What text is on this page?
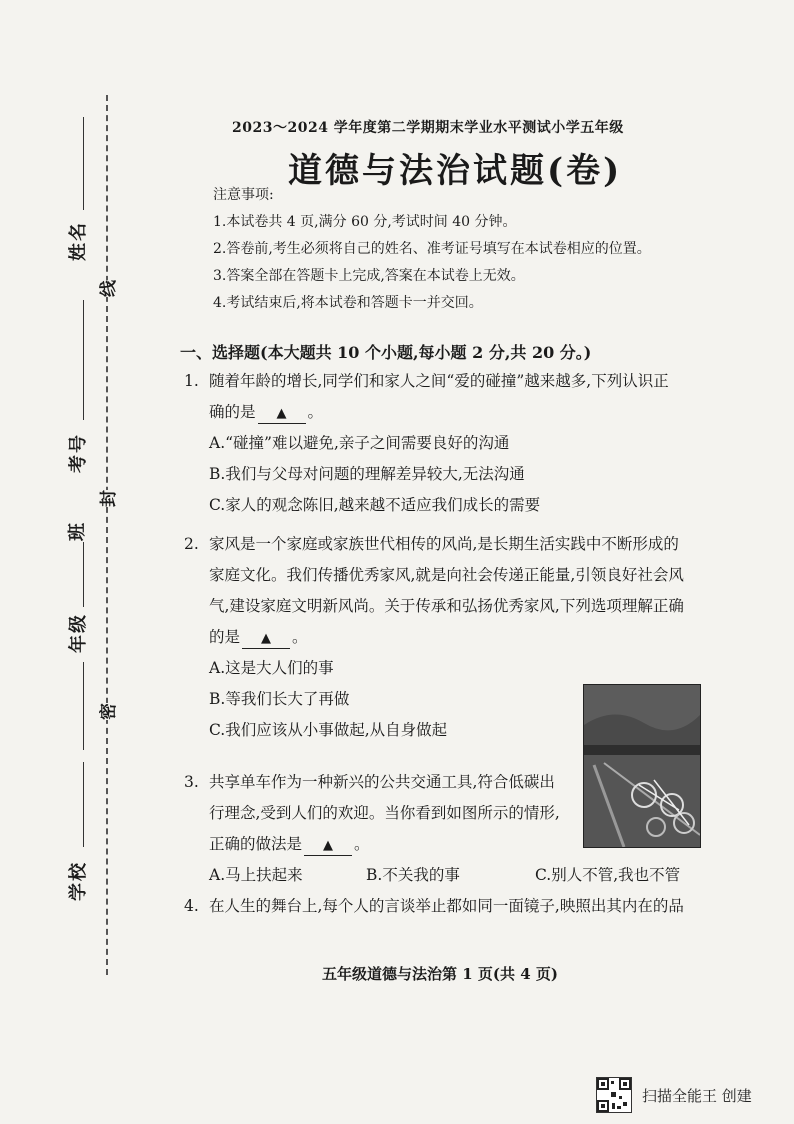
姓名
考号
班
年级
学校
线
封
密
2023～2024 学年度第二学期期末学业水平测试小学五年级
道德与法治试题(卷)
注意事项:
1.本试卷共 4 页,满分 60 分,考试时间 40 分钟。
2.答卷前,考生必须将自己的姓名、准考证号填写在本试卷相应的位置。
3.答案全部在答题卡上完成,答案在本试卷上无效。
4.考试结束后,将本试卷和答题卡一并交回。
一、选择题(本大题共 10 个小题,每小题 2 分,共 20 分。)
1. 随着年龄的增长,同学们和家人之间“爱的碰撞”越来越多,下列认识正
确的是 ▲ 。
A.“碰撞”难以避免,亲子之间需要良好的沟通
B.我们与父母对问题的理解差异较大,无法沟通
C.家人的观念陈旧,越来越不适应我们成长的需要
2. 家风是一个家庭或家族世代相传的风尚,是长期生活实践中不断形成的
家庭文化。我们传播优秀家风,就是向社会传递正能量,引领良好社会风
气,建设家庭文明新风尚。关于传承和弘扬优秀家风,下列选项理解正确
的是 ▲ 。
A.这是大人们的事
B.等我们长大了再做
C.我们应该从小事做起,从自身做起
3. 共享单车作为一种新兴的公共交通工具,符合低碳出
行理念,受到人们的欢迎。当你看到如图所示的情形,
正确的做法是 ▲ 。
A.马上扶起来	B.不关我的事	C.别人不管,我也不管
4. 在人生的舞台上,每个人的言谈举止都如同一面镜子,映照出其内在的品
五年级道德与法治第 1 页(共 4 页)
扫描全能王 创建
